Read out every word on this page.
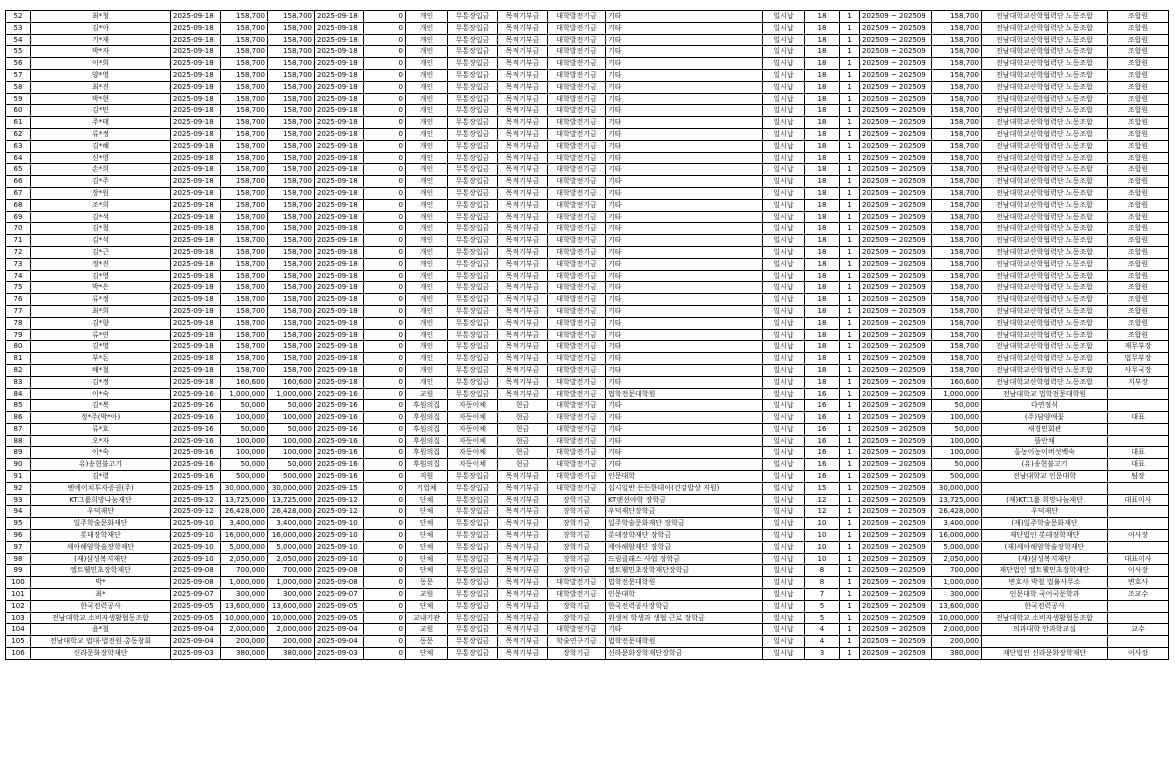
52	최*청	2025-09-18	158,700	158,700	2025-09-18	0	개인	무통장입금	목적기부금	대학발전기금	기타	일시납	18	1	202509 ~ 202509	158,700	전남대학교산학협력단 노동조합	조합원
53	김*아	2025-09-18	158,700	158,700	2025-09-18	0	개인	무통장입금	목적기부금	대학발전기금	기타	일시납	18	1	202509 ~ 202509	158,700	전남대학교산학협력단 노동조합	조합원
54	기*재	2025-09-18	158,700	158,700	2025-09-18	0	개인	무통장입금	목적기부금	대학발전기금	기타	일시납	18	1	202509 ~ 202509	158,700	전남대학교산학협력단 노동조합	조합원
55	박*자	2025-09-18	158,700	158,700	2025-09-18	0	개인	무통장입금	목적기부금	대학발전기금	기타	일시납	18	1	202509 ~ 202509	158,700	전남대학교산학협력단 노동조합	조합원
56	이*희	2025-09-18	158,700	158,700	2025-09-18	0	개인	무통장입금	목적기부금	대학발전기금	기타	일시납	18	1	202509 ~ 202509	158,700	전남대학교산학협력단 노동조합	조합원
57	양*영	2025-09-18	158,700	158,700	2025-09-18	0	개인	무통장입금	목적기부금	대학발전기금	기타	일시납	18	1	202509 ~ 202509	158,700	전남대학교산학협력단 노동조합	조합원
58	최*진	2025-09-18	158,700	158,700	2025-09-18	0	개인	무통장입금	목적기부금	대학발전기금	기타	일시납	18	1	202509 ~ 202509	158,700	전남대학교산학협력단 노동조합	조합원
59	박*현	2025-09-18	158,700	158,700	2025-09-18	0	개인	무통장입금	목적기부금	대학발전기금	기타	일시납	18	1	202509 ~ 202509	158,700	전남대학교산학협력단 노동조합	조합원
60	김*민	2025-09-18	158,700	158,700	2025-09-18	0	개인	무통장입금	목적기부금	대학발전기금	기타	일시납	18	1	202509 ~ 202509	158,700	전남대학교산학협력단 노동조합	조합원
61	주*태	2025-09-18	158,700	158,700	2025-09-18	0	개인	무통장입금	목적기부금	대학발전기금	기타	일시납	18	1	202509 ~ 202509	158,700	전남대학교산학협력단 노동조합	조합원
62	류*정	2025-09-18	158,700	158,700	2025-09-18	0	개인	무통장입금	목적기부금	대학발전기금	기타	일시납	18	1	202509 ~ 202509	158,700	전남대학교산학협력단 노동조합	조합원
63	김*혜	2025-09-18	158,700	158,700	2025-09-18	0	개인	무통장입금	목적기부금	대학발전기금	기타	일시납	18	1	202509 ~ 202509	158,700	전남대학교산학협력단 노동조합	조합원
64	신*영	2025-09-18	158,700	158,700	2025-09-18	0	개인	무통장입금	목적기부금	대학발전기금	기타	일시납	18	1	202509 ~ 202509	158,700	전남대학교산학협력단 노동조합	조합원
65	손*희	2025-09-18	158,700	158,700	2025-09-18	0	개인	무통장입금	목적기부금	대학발전기금	기타	일시납	18	1	202509 ~ 202509	158,700	전남대학교산학협력단 노동조합	조합원
66	김*주	2025-09-18	158,700	158,700	2025-09-18	0	개인	무통장입금	목적기부금	대학발전기금	기타	일시납	18	1	202509 ~ 202509	158,700	전남대학교산학협력단 노동조합	조합원
67	장*원	2025-09-18	158,700	158,700	2025-09-18	0	개인	무통장입금	목적기부금	대학발전기금	기타	일시납	18	1	202509 ~ 202509	158,700	전남대학교산학협력단 노동조합	조합원
68	조*희	2025-09-18	158,700	158,700	2025-09-18	0	개인	무통장입금	목적기부금	대학발전기금	기타	일시납	18	1	202509 ~ 202509	158,700	전남대학교산학협력단 노동조합	조합원
69	김*석	2025-09-18	158,700	158,700	2025-09-18	0	개인	무통장입금	목적기부금	대학발전기금	기타	일시납	18	1	202509 ~ 202509	158,700	전남대학교산학협력단 노동조합	조합원
70	김*철	2025-09-18	158,700	158,700	2025-09-18	0	개인	무통장입금	목적기부금	대학발전기금	기타	일시납	18	1	202509 ~ 202509	158,700	전남대학교산학협력단 노동조합	조합원
71	김*석	2025-09-18	158,700	158,700	2025-09-18	0	개인	무통장입금	목적기부금	대학발전기금	기타	일시납	18	1	202509 ~ 202509	158,700	전남대학교산학협력단 노동조합	조합원
72	김*근	2025-09-18	158,700	158,700	2025-09-18	0	개인	무통장입금	목적기부금	대학발전기금	기타	일시납	18	1	202509 ~ 202509	158,700	전남대학교산학협력단 노동조합	조합원
73	정*진	2025-09-18	158,700	158,700	2025-09-18	0	개인	무통장입금	목적기부금	대학발전기금	기타	일시납	18	1	202509 ~ 202509	158,700	전남대학교산학협력단 노동조합	조합원
74	김*영	2025-09-18	158,700	158,700	2025-09-18	0	개인	무통장입금	목적기부금	대학발전기금	기타	일시납	18	1	202509 ~ 202509	158,700	전남대학교산학협력단 노동조합	조합원
75	박*은	2025-09-18	158,700	158,700	2025-09-18	0	개인	무통장입금	목적기부금	대학발전기금	기타	일시납	18	1	202509 ~ 202509	158,700	전남대학교산학협력단 노동조합	조합원
76	류*정	2025-09-18	158,700	158,700	2025-09-18	0	개인	무통장입금	목적기부금	대학발전기금	기타	일시납	18	1	202509 ~ 202509	158,700	전남대학교산학협력단 노동조합	조합원
77	최*희	2025-09-18	158,700	158,700	2025-09-18	0	개인	무통장입금	목적기부금	대학발전기금	기타	일시납	18	1	202509 ~ 202509	158,700	전남대학교산학협력단 노동조합	조합원
78	김*향	2025-09-18	158,700	158,700	2025-09-18	0	개인	무통장입금	목적기부금	대학발전기금	기타	일시납	18	1	202509 ~ 202509	158,700	전남대학교산학협력단 노동조합	조합원
79	류*연	2025-09-18	158,700	158,700	2025-09-18	0	개인	무통장입금	목적기부금	대학발전기금	기타	일시납	18	1	202509 ~ 202509	158,700	전남대학교산학협력단 노동조합	조합원
80	김*영	2025-09-18	158,700	158,700	2025-09-18	0	개인	무통장입금	목적기부금	대학발전기금	기타	일시납	18	1	202509 ~ 202509	158,700	전남대학교산학협력단 노동조합	재무부장
81	부*돈	2025-09-18	158,700	158,700	2025-09-18	0	개인	무통장입금	목적기부금	대학발전기금	기타	일시납	18	1	202509 ~ 202509	158,700	전남대학교산학협력단 노동조합	법무부장
82	배*철	2025-09-18	158,700	158,700	2025-09-18	0	개인	무통장입금	목적기부금	대학발전기금	기타	일시납	18	1	202509 ~ 202509	158,700	전남대학교산학협력단 노동조합	사무국장
83	김*정	2025-09-18	160,600	160,600	2025-09-18	0	개인	무통장입금	목적기부금	대학발전기금	기타	일시납	18	1	202509 ~ 202509	160,600	전남대학교산학협력단 노동조합	지부장
84	이*숙	2025-09-16	1,000,000	1,000,000	2025-09-16	0	교원	무통장입금	목적기부금	대학발전기금	법학전문대학원	일시납	16	1	202509 ~ 202509	1,000,000	전남대학교 법학전문대학원	
85	김*복	2025-09-16	50,000	50,000	2025-09-16	0	후원의집	자동이체	현금	대학발전기금	기타	일시납	16	1	202509 ~ 202509	50,000	다연정식	
86	정*주(박*아)	2025-09-16	100,000	100,000	2025-09-16	0	후원의집	자동이체	현금	대학발전기금	기타	일시납	16	1	202509 ~ 202509	100,000	(주)담양애꽃	대표
87	류*호	2025-09-16	50,000	50,000	2025-09-16	0	후원의집	자동이체	현금	대학발전기금	기타	일시납	16	1	202509 ~ 202509	50,000	새경민회관	
88	오*자	2025-09-16	100,000	100,000	2025-09-16	0	후원의집	자동이체	현금	대학발전기금	기타	일시납	16	1	202509 ~ 202509	100,000	뜰안채	
89	이*숙	2025-09-16	100,000	100,000	2025-09-16	0	후원의집	자동이체	현금	대학발전기금	기타	일시납	16	1	202509 ~ 202509	100,000	올농이농이버섯백숙	대표
90	유)송현불고기	2025-09-16	50,000	50,000	2025-09-16	0	후원의집	자동이체	현금	대학발전기금	기타	일시납	16	1	202509 ~ 202509	50,000	(유)송현불고기	대표
91	김*령	2025-09-16	500,000	500,000	2025-09-16	0	직원	무통장입금	목적기부금	대학발전기금	인문대학	일시납	16	1	202509 ~ 202509	500,000	전남대학교 인문대학	팀장
92	엔에이치투자증권(주)	2025-09-15	30,000,000	30,000,000	2025-09-15	0	기업체	무통장입금	목적기부금	대학발전기금	십시일반 든든한데이(건강밥상 지원)	일시납	15	1	202509 ~ 202509	30,000,000		
93	KT그룹희망나눔재단	2025-09-12	13,725,000	13,725,000	2025-09-12	0	단체	무통장입금	목적기부금	장학기금	KT랜선야학 장학금	일시납	12	1	202509 ~ 202509	13,725,000	(재)KT그룹 희망나눔재단	대표이사
94	우덕재단	2025-09-12	26,428,000	26,428,000	2025-09-12	0	단체	무통장입금	목적기부금	장학기금	우덕재단장학금	일시납	12	1	202509 ~ 202509	26,428,000	우덕재단	
95	일주학술문화재단	2025-09-10	3,400,000	3,400,000	2025-09-10	0	단체	무통장입금	목적기부금	장학기금	일주학술문화재단 장학금	일시납	10	1	202509 ~ 202509	3,400,000	(재)일주학술문화재단	
96	롯데장학재단	2025-09-10	16,000,000	16,000,000	2025-09-10	0	단체	무통장입금	목적기부금	장학기금	롯데장학재단 장학금	일시납	10	1	202509 ~ 202509	16,000,000	재단법인 롯데장학재단	이사장
97	세아해암학술장학재단	2025-09-10	5,000,000	5,000,000	2025-09-10	0	단체	무통장입금	목적기부금	장학기금	세아해암재단 장학금	일시납	10	1	202509 ~ 202509	5,000,000	(재)세아해암학술장학재단	
98	(재)삼성복지재단	2025-09-10	2,050,000	2,050,000	2025-09-10	0	단체	무통장입금	목적기부금	장학기금	드림클래스 사업 장학금	일시납	10	1	202509 ~ 202509	2,050,000	(재)삼성복지재단	대표이사
99	엘트웰민초장학재단	2025-09-08	700,000	700,000	2025-09-08	0	단체	무통장입금	목적기부금	장학기금	엘트웰민초장학재단장학금	일시납	8	1	202509 ~ 202509	700,000	재단법인 엘트웰민초장학재단	이사장
100	박*	2025-09-08	1,000,000	1,000,000	2025-09-08	0	동문	무통장입금	목적기부금	대학발전기금	법학전문대학원	일시납	8	1	202509 ~ 202509	1,000,000	변호사 박철 법률사무소	변호사
101	최*	2025-09-07	300,000	300,000	2025-09-07	0	교원	무통장입금	목적기부금	대학발전기금	인문대학	일시납	7	1	202509 ~ 202509	300,000	인문대학 국어국문학과	조교수
102	한국전력공사	2025-09-05	13,600,000	13,600,000	2025-09-05	0	단체	무통장입금	목적기부금	장학기금	한국전력공사장학금	일시납	5	1	202509 ~ 202509	13,600,000	한국전력공사	
103	전남대학교 소비자생활협동조합	2025-09-05	10,000,000	10,000,000	2025-09-05	0	교내기관	무통장입금	목적기부금	장학기금	위생처 학생과 생협 근로 장학금	일시납	5	1	202509 ~ 202509	10,000,000	전남대학교 소비자생활협동조합	
104	윤*철	2025-09-04	2,000,000	2,000,000	2025-09-04	0	교원	무통장입금	목적기부금	대학발전기금	기타	일시납	4	1	202509 ~ 202509	2,000,000	의과대학 안과학교실	교수
105	전남대학교 법대·법전원 총동창회	2025-09-04	200,000	200,000	2025-09-04	0	동문	무통장입금	목적기부금	학술연구기금	법학전문대학원	일시납	4	1	202509 ~ 202509	200,000		
106	신라문화장학재단	2025-09-03	380,000	380,000	2025-09-03	0	단체	무통장입금	목적기부금	장학기금	신라문화장학재단장학금	일시납	3	1	202509 ~ 202509	380,000	재단법인 신라문화장학재단	이사장
